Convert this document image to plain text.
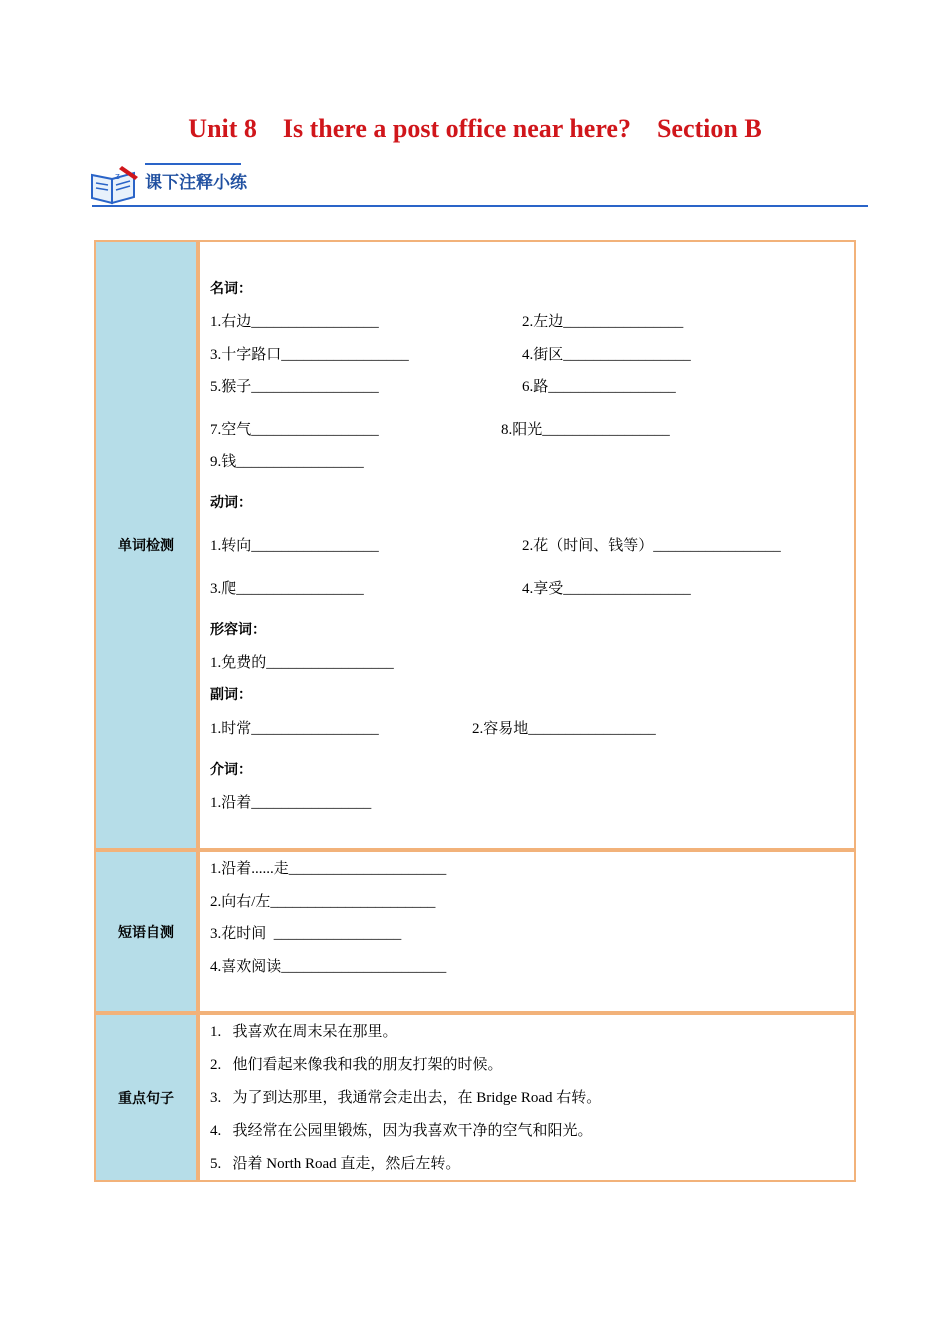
Unit 8    Is there a post office near here?    Section B
z 课下注释小练
单词检测
名词：
1.右边_________________	2.左边________________
3.十字路口_________________	4.街区_________________
5.猴子_________________	6.路_________________
7.空气_________________	8.阳光_________________
9.钱_________________
动词：
1.转向_________________	2.花（时间、钱等）_________________
3.爬_________________	4.享受_________________
形容词：
1.免费的_________________
副词：
1.时常_________________	2.容易地_________________
介词：
1.沿着________________
短语自测
1.沿着......走_____________________
2.向右/左______________________
3.花时间  _________________
4.喜欢阅读______________________
重点句子
1.   我喜欢在周末呆在那里。
2.   他们看起来像我和我的朋友打架的时候。
3.   为了到达那里，我通常会走出去，在 Bridge Road 右转。
4.   我经常在公园里锻炼，因为我喜欢干净的空气和阳光。
5.   沿着 North Road 直走，然后左转。
